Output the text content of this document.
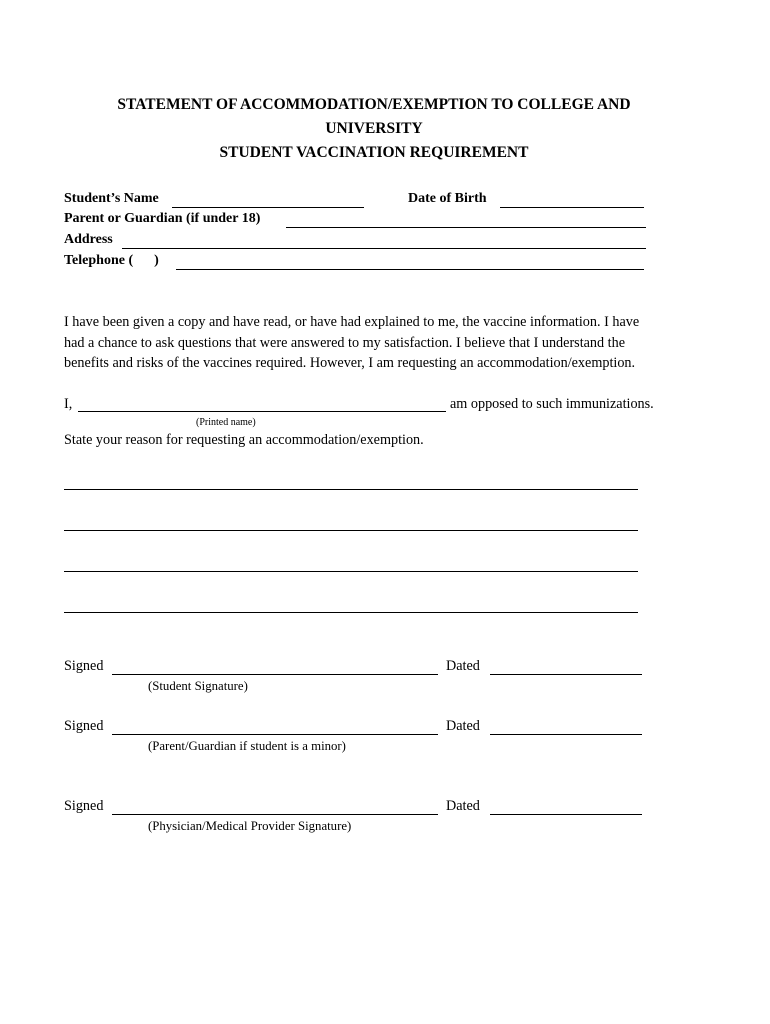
STATEMENT OF ACCOMMODATION/EXEMPTION TO COLLEGE AND
UNIVERSITY
STUDENT VACCINATION REQUIREMENT
Student’s Name	Date of Birth
Parent or Guardian (if under 18)
Address
Telephone (      )
I have been given a copy and have read, or have had explained to me, the vaccine information. I have
had a chance to ask questions that were answered to my satisfaction. I believe that I understand the
benefits and risks of the vaccines required. However, I am requesting an accommodation/exemption.
I,	am opposed to such immunizations.
(Printed name)
State your reason for requesting an accommodation/exemption.
Signed	Dated
(Student Signature)
Signed	Dated
(Parent/Guardian if student is a minor)
Signed	Dated
(Physician/Medical Provider Signature)
